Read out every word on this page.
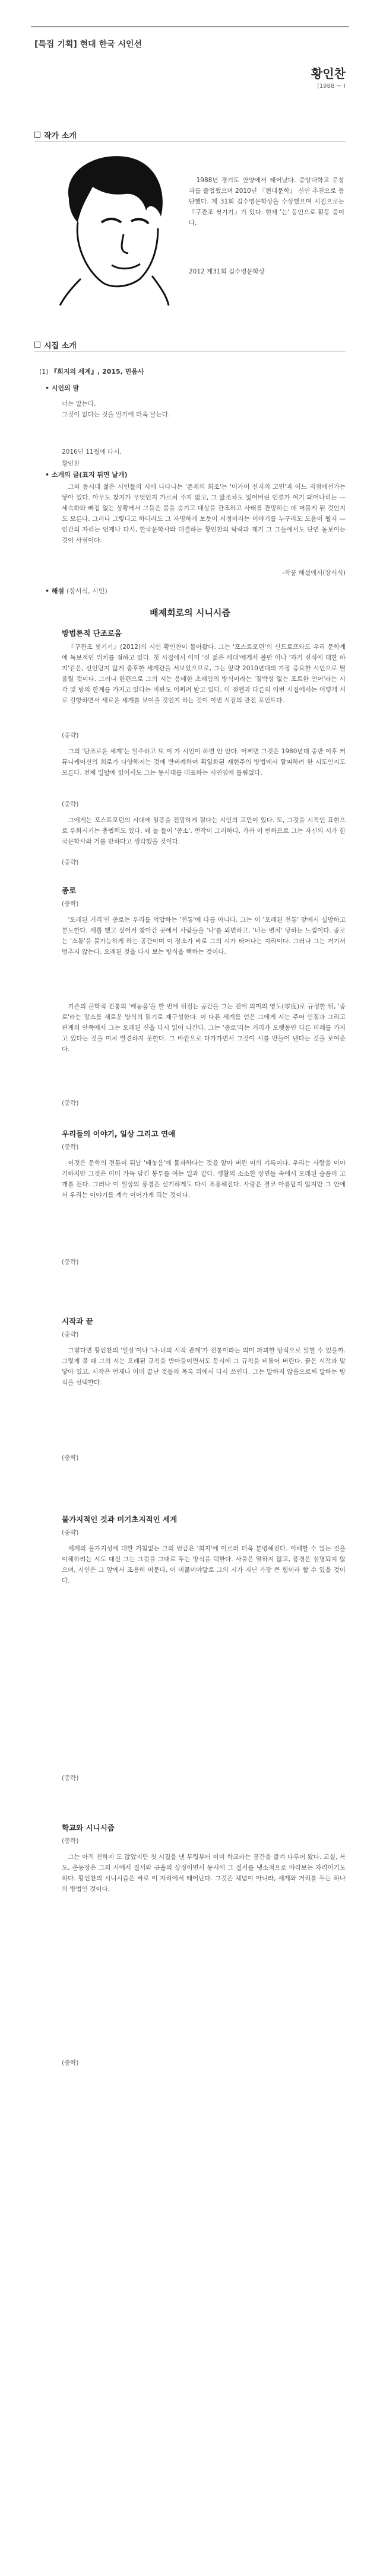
[특집 기획] 현대 한국 시인선
황인찬
(1988 ~ )
작가 소개
1988년 경기도 안양에서 태어났다. 중앙대학교 문창과를 졸업했으며 2010년 『현대문학』 신인 추천으로 등단했다. 제 31회 김수영문학상을 수상했으며 시집으로는 『구관조 씻기기』가 있다. 현재 '는' 동인으로 활동 중이다.
2012 제31회 김수영문학상
시집 소개
(1) 『희지의 세계』, 2015, 민음사
• 시인의 말
너는 말는다.
그것이 없다는 것을 알기에 더욱 달는다.
2016년 11월에 다시.
황인찬
• 소개의 글(표지 뒤면 날개)
그와 동시대 젊은 시인들의 시에 나타나는 '존재의 희조'는 '이카이 신지의 고민'과 어느 지점에선가는 닿아 있다. 아무도 찾지가 무엇인지 가르쳐 주지 않고, 그 앎조차도 잃어버린 인류가 여기 돼어나리는 — 세속화와 빠짐 없는 상황에서 그들은 몸을 숨기고 대상을 관조하고 사태를 관망하는 데 머물게 된 것인지도 모른다. 그러나 그렇다고 하더라도 그 자명하게 보듯이 서정이라는 이야기를 누구라도 도움이 될지 — 인간의 자리는 언제나 다시, 한국문학사와 대결하는 황인찬의 탁락과 제기 그 그들에서도 단연 돋보이는 것이 사실이다.
-작품 해설에서(장서식)
• 해설 (장서식, 시인)
배제회로의 시니시즘
방법론적 단조로움
『구관조 씻기기』(2012)의 시인 황인찬이 돌아왔다. 그는 '포스트모던'의 신드로프와도 우리 문학계에 독보적인 위치를 점하고 있다. 첫 시집에서 이미 '신 젊은 세대'에게서 볼만 이나 '자기 신식에 대한 하지'같은, 신인답지 않게 충후한 세계관을 서보았으므로, 그는 앞략 2010년대의 가장 중요한 시인으로 떨올릴 것이다. 그러나 한편으로 그의 시는 응태한 초래임의 방식이라는 '질박성 없는 조트한 언어'라는 시각 및 방의 한계를 가지고 있다는 비판도 어쩌려 받고 있다. 이 점엔과 다른의 이번 시집에서는 어떻게 서로 길항하면서 새로운 세계를 보여줄 것인지 하는 것이 이번 시집의 관전 포인트다.
(중략)
그의 '단조로운 세계'는 일주하고 또 이 가 시인이 하면 안 안다. 어쩌면 그것은 1980년대 중반 이후 커뮤니케이션의 희로가 다양해지는 것에 반비례하여 획일화된 재현주의 방법에서 탈피하려 한 시도인지도 모른다. 전체 일탈에 있어서도 그는 동시대를 대표하는 시인임에 틀림없다.
(중략)
그에게는 포스트모던의 시대에 일종을 전망하게 될다는 시인의 고민이 있다. 또, 그것을 시적인 표현으로 우화시키는 충법력도 있다. 왜 늘 들어 '종소', 먼작이 그러하다. 가까 이 변하므로 그는 자신의 시가 한국문학사와 겨룰 만하다고 생각했을 것이다.
(중략)
종로
(중략)
'오래된 거리'인 종로는 우리를 억압하는 '전통'에 다름 아니다. 그는 이 '오래된 전통' 앞에서 실망하고 분노한다. 새롭 했고 싶어서 찾아간 곳에서 사람들을 '나'를 외면하고, '너는 변치' 당하는 느낌이다. 종로는 '소통'을 불가능하게 하는 공간이며 이 장소가 바로 그의 시가 태어나는 자리이다. 그러나 그는 거기서 멈추지 않는다. 오래된 것을 다시 보는 방식을 택하는 것이다.
기존의 문학적 전통의 '배놓음'을 한 번에 뒤집는 공간을 그는 전에 의미의 영도(零度)로 규정한 뒤, '종로'라는 장소를 새로운 방식의 읽기로 재구성한다. 이 다른 세계를 얻은 그에게 시는 주어 인질과 그리고 관계의 안쪽에서 그는 오래된 신을 다시 읽어 나간다. 그는 '종로'라는 거리가 오랫동안 다른 미래를 가지고 있다는 것을 미처 발견하지 못한다. 그 바깥으로 다가가면서 그것이 시를 만들어 낸다는 것을 보여준다.
(중략)
우리들의 이야기, 일상 그리고 연애
(중략)
이것은 문학의 전통이 뒤남 '배놓음'에 불과하다는 것을 알아 버린 이의 기록이다. 우리는 사랑을 이야기하지만 그것은 이미 가득 담긴 봉투를 여는 일과 같다. 생활의 소소한 장면들 속에서 오래된 슬픔이 고개를 든다. 그러나 이 일상의 풍경은 신기하게도 다시 조용해진다. 사랑은 결코 아름답지 않지만 그 안에서 우리는 이야기를 계속 이어가게 되는 것이다.
(중략)
시작과 끝
(중략)
그렇다면 황인찬의 '일상'이나 '나-너의 시작 관계'가 전통이라는 의미 파괴한 방식으로 읽힐 수 있을까. 그렇게 볼 때 그의 시는 오래된 규칙을 받아들이면서도 동시에 그 규칙을 비틀어 버린다. 끝은 시작과 맞닿아 있고, 시작은 언제나 이미 끝난 것들의 목록 위에서 다시 쓰인다. 그는 말하지 않음으로써 말하는 방식을 선택한다.
(중략)
불가지적인 것과 미기초지적인 세계
(중략)
세계의 불가지성에 대한 거침없는 그의 언급은 '희지'에 이르러 더욱 분명해진다. 이해할 수 없는 것을 이해하려는 시도 대신 그는 그것을 그대로 두는 방식을 택한다. 사물은 말하지 않고, 풍경은 설명되지 않으며, 시인은 그 앞에서 조용히 머문다. 이 머묾이야말로 그의 시가 지닌 가장 큰 힘이라 할 수 있을 것이다.
(중략)
학교와 시니시즘
(중략)
그는 아직 친하지 도 않았지만 첫 시집을 낸 무렵부터 이미 학교라는 공간을 즐겨 다루어 왔다. 교실, 복도, 운동장은 그의 시에서 질서와 규율의 상징이면서 동시에 그 질서를 냉소적으로 바라보는 자리이기도 하다. 황인찬의 시니시즘은 바로 이 자리에서 태어난다. 그것은 체념이 아니라, 세계와 거리를 두는 하나의 방법인 것이다.
(중략)
